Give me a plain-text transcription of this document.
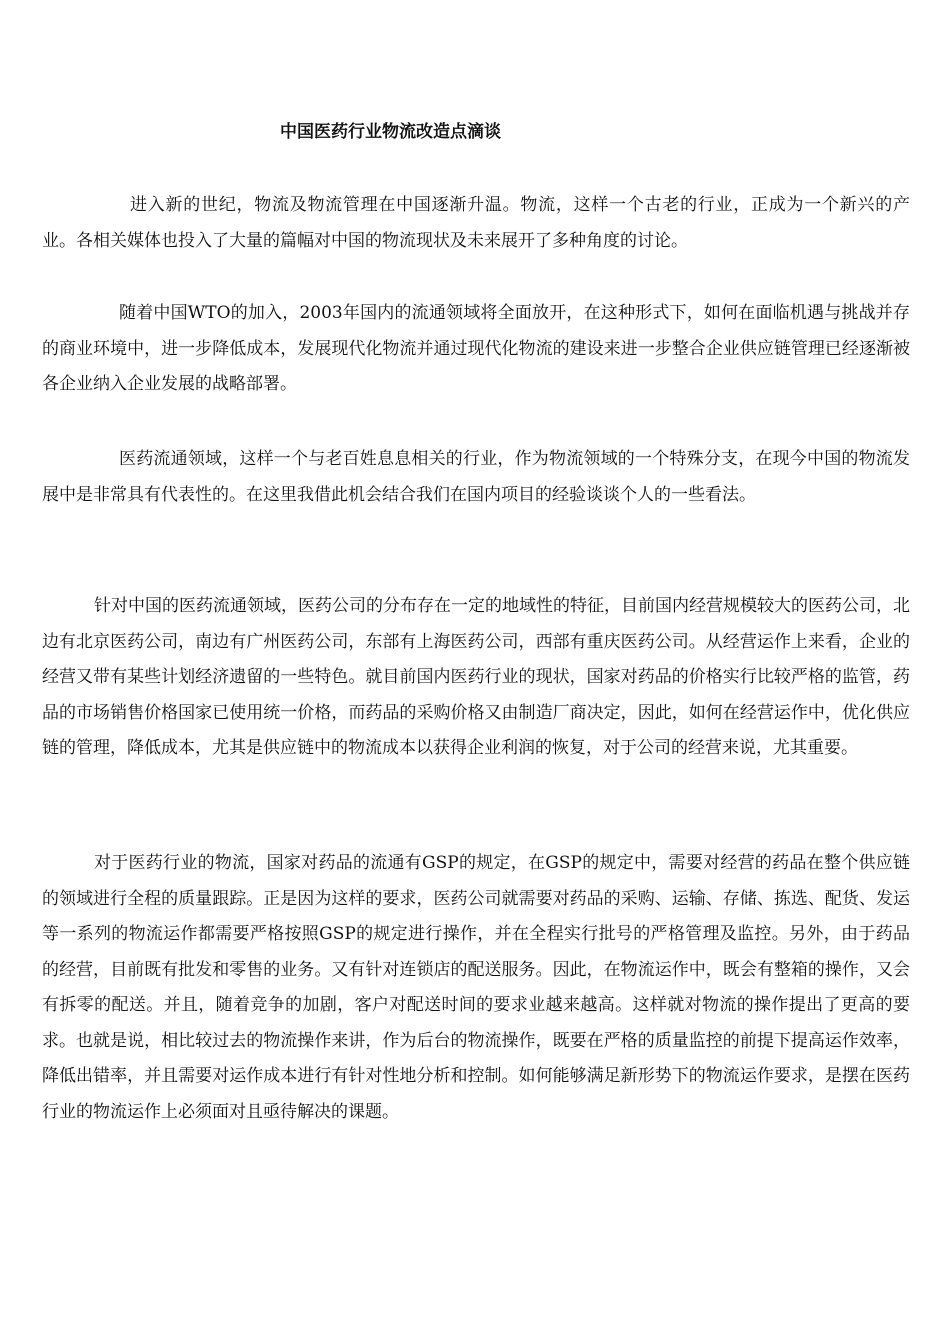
中国医药行业物流改造点滴谈

进入新的世纪，物流及物流管理在中国逐渐升温。物流，这样一个古老的行业，正成为一个新兴的产业。各相关媒体也投入了大量的篇幅对中国的物流现状及未来展开了多种角度的讨论。

随着中国WTO的加入，2003年国内的流通领域将全面放开，在这种形式下，如何在面临机遇与挑战并存的商业环境中，进一步降低成本，发展现代化物流并通过现代化物流的建设来进一步整合企业供应链管理已经逐渐被各企业纳入企业发展的战略部署。

医药流通领域，这样一个与老百姓息息相关的行业，作为物流领域的一个特殊分支，在现今中国的物流发展中是非常具有代表性的。在这里我借此机会结合我们在国内项目的经验谈谈个人的一些看法。

针对中国的医药流通领域，医药公司的分布存在一定的地域性的特征，目前国内经营规模较大的医药公司，北边有北京医药公司，南边有广州医药公司，东部有上海医药公司，西部有重庆医药公司。从经营运作上来看，企业的经营又带有某些计划经济遗留的一些特色。就目前国内医药行业的现状，国家对药品的价格实行比较严格的监管，药品的市场销售价格国家已使用统一价格，而药品的采购价格又由制造厂商决定，因此，如何在经营运作中，优化供应链的管理，降低成本，尤其是供应链中的物流成本以获得企业利润的恢复，对于公司的经营来说，尤其重要。

对于医药行业的物流，国家对药品的流通有GSP的规定，在GSP的规定中，需要对经营的药品在整个供应链的领域进行全程的质量跟踪。正是因为这样的要求，医药公司就需要对药品的采购、运输、存储、拣选、配货、发运等一系列的物流运作都需要严格按照GSP的规定进行操作，并在全程实行批号的严格管理及监控。另外，由于药品的经营，目前既有批发和零售的业务。又有针对连锁店的配送服务。因此，在物流运作中，既会有整箱的操作，又会有拆零的配送。并且，随着竞争的加剧，客户对配送时间的要求业越来越高。这样就对物流的操作提出了更高的要求。也就是说，相比较过去的物流操作来讲，作为后台的物流操作，既要在严格的质量监控的前提下提高运作效率，降低出错率，并且需要对运作成本进行有针对性地分析和控制。如何能够满足新形势下的物流运作要求，是摆在医药行业的物流运作上必须面对且亟待解决的课题。
